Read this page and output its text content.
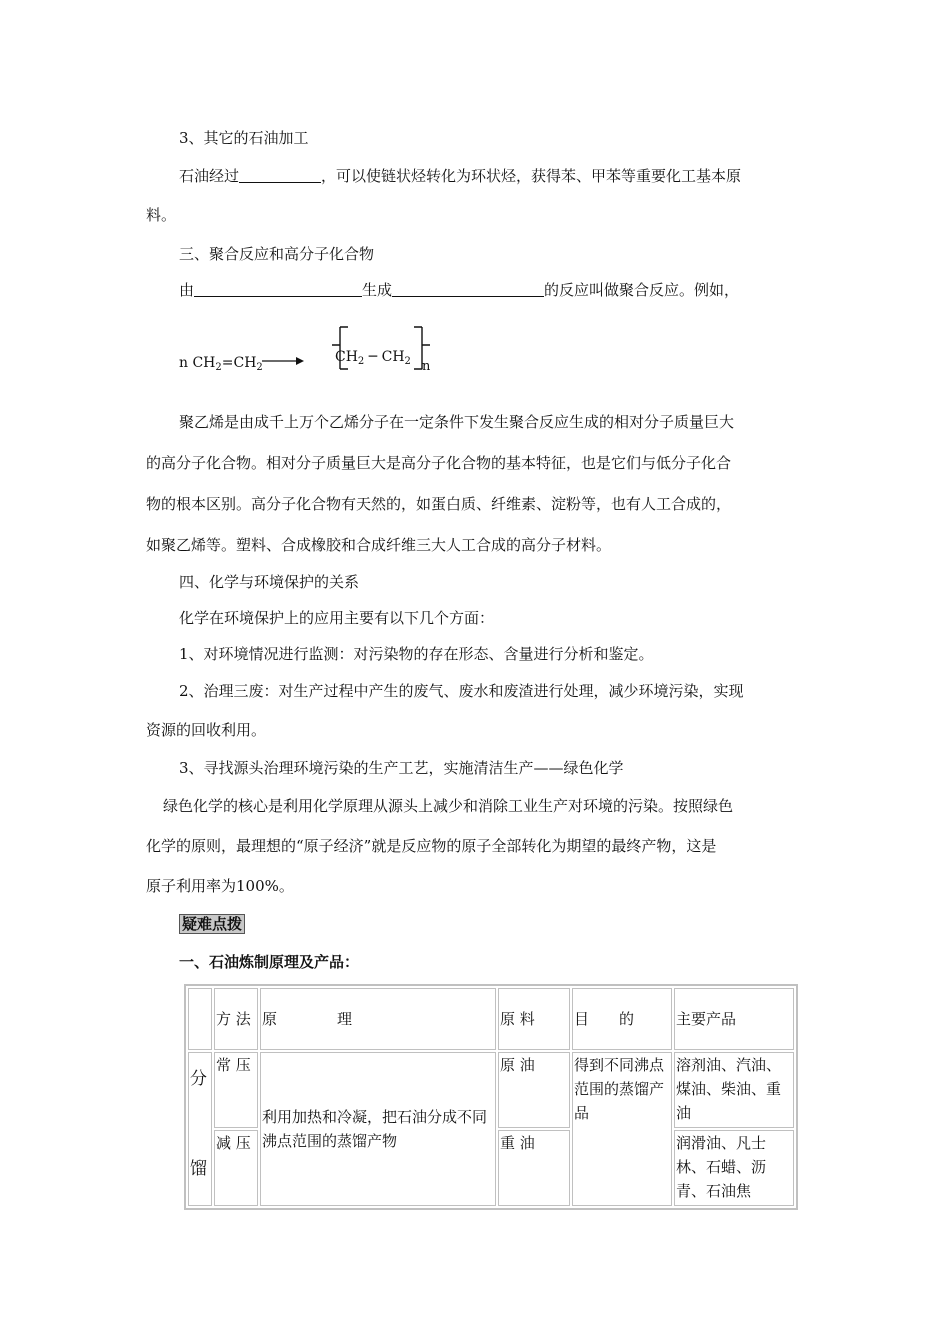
3、其它的石油加工
石油经过	，可以使链状烃转化为环状烃，获得苯、甲苯等重要化工基本原
料。
三、聚合反应和高分子化合物
由	生成	的反应叫做聚合反应。例如，
n $CH_2=CH_2$
$CH_2$ ─ $CH_2$ n
聚乙烯是由成千上万个乙烯分子在一定条件下发生聚合反应生成的相对分子质量巨大
的高分子化合物。相对分子质量巨大是高分子化合物的基本特征，也是它们与低分子化合
物的根本区别。高分子化合物有天然的，如蛋白质、纤维素、淀粉等，也有人工合成的，
如聚乙烯等。塑料、合成橡胶和合成纤维三大人工合成的高分子材料。
四、化学与环境保护的关系
化学在环境保护上的应用主要有以下几个方面：
1、对环境情况进行监测：对污染物的存在形态、含量进行分析和鉴定。
2、治理三废：对生产过程中产生的废气、废水和废渣进行处理，减少环境污染，实现
资源的回收利用。
3、寻找源头治理环境污染的生产工艺，实施清洁生产——绿色化学
绿色化学的核心是利用化学原理从源头上减少和消除工业生产对环境的污染。按照绿色
化学的原则，最理想的“原子经济”就是反应物的原子全部转化为期望的最终产物，这是
原子利用率为100%。
疑难点拨
一、石油炼制原理及产品：
	方 法	原　　　　理	原 料	目　　的	主要产品

分
馏	常 压	利用加热和冷凝，把石油分成不同沸点范围的蒸馏产物	原 油	得到不同沸点范围的蒸馏产品	溶剂油、汽油、煤油、柴油、重油
	减 压		重 油		润滑油、凡士林、石蜡、沥青、石油焦
